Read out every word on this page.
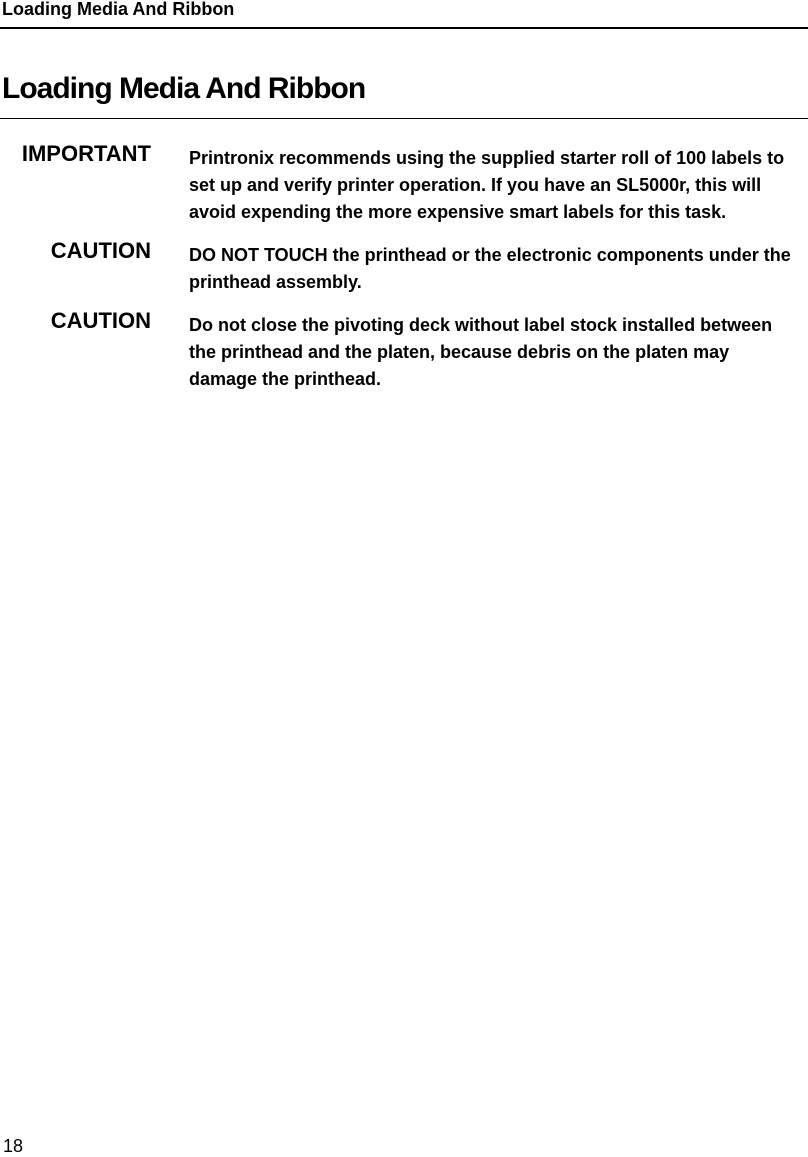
Loading Media And Ribbon
Loading Media And Ribbon
IMPORTANT Printronix recommends using the supplied starter roll of 100 labels to set up and verify printer operation. If you have an SL5000r, this will avoid expending the more expensive smart labels for this task.
CAUTION DO NOT TOUCH the printhead or the electronic components under the printhead assembly.
CAUTION Do not close the pivoting deck without label stock installed between the printhead and the platen, because debris on the platen may damage the printhead.
18
